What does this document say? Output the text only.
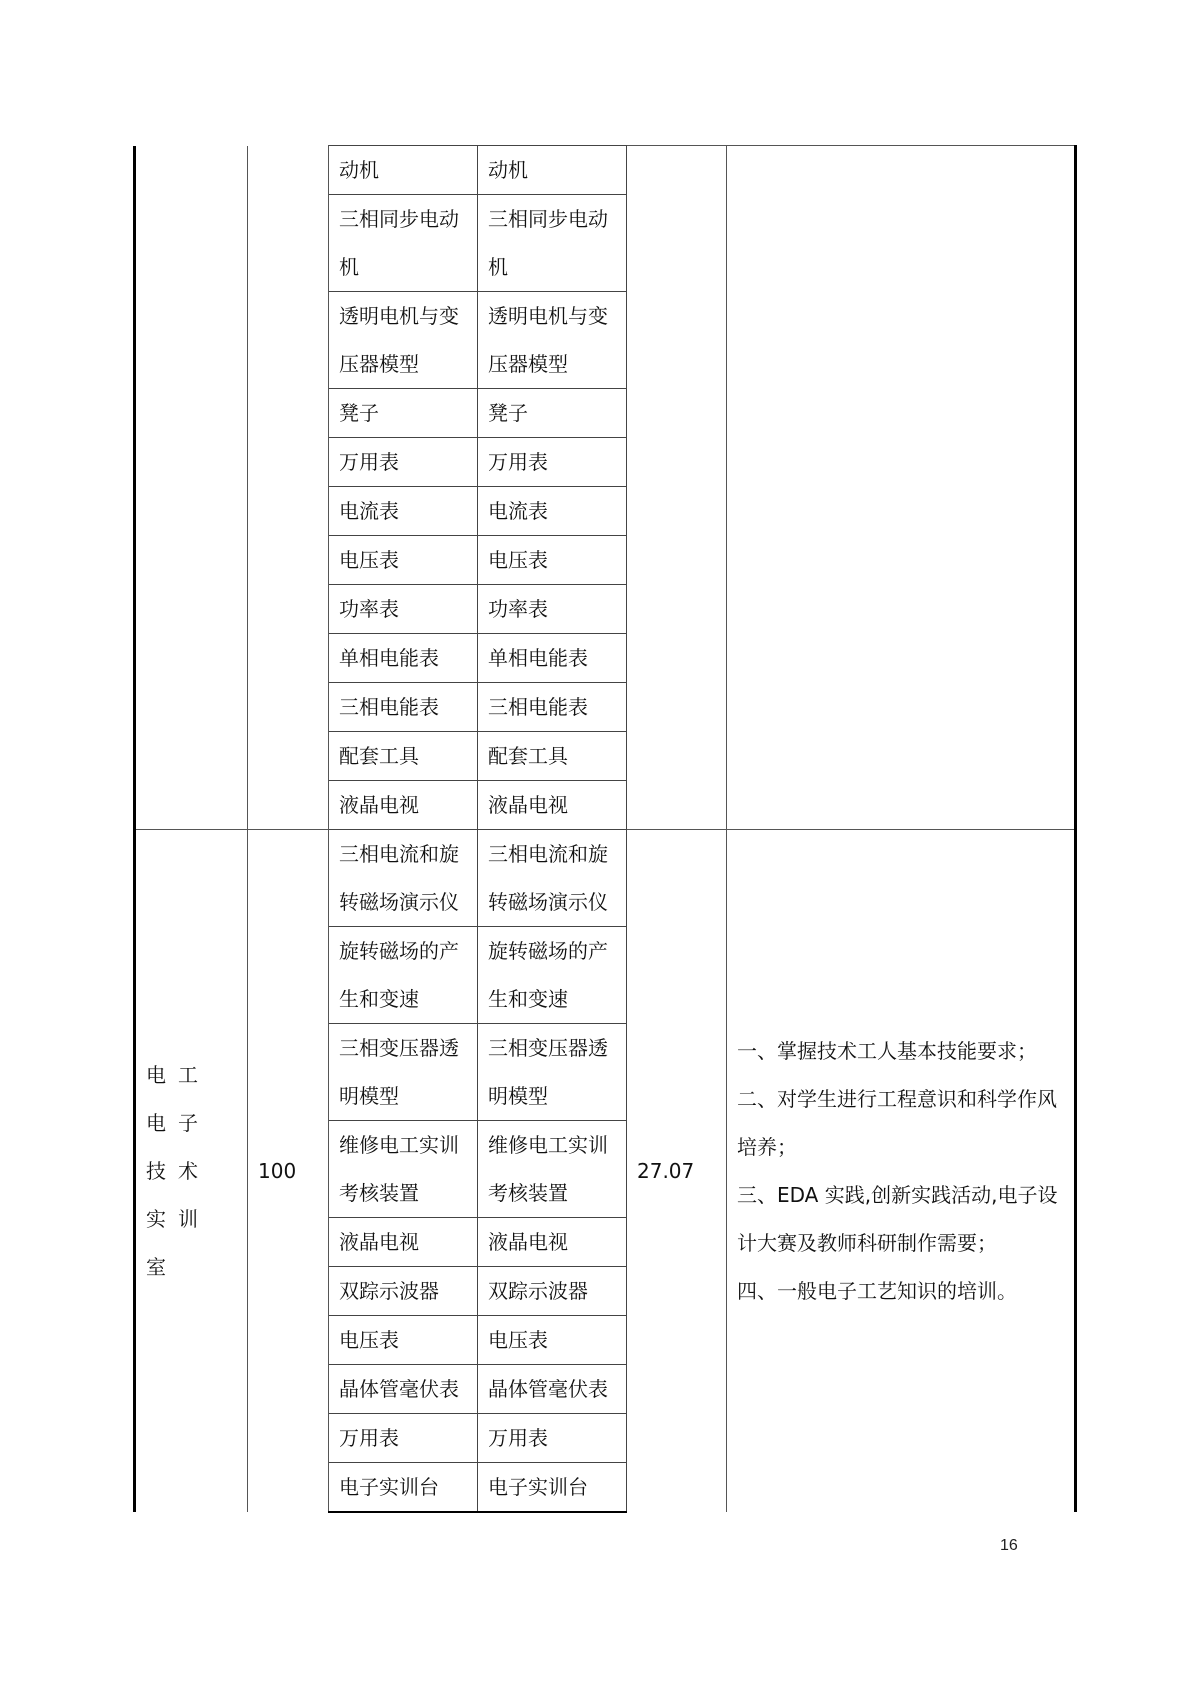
		动机	动机		
		三相同步电动机	三相同步电动机		
		透明电机与变压器模型	透明电机与变压器模型		
		凳子	凳子		
		万用表	万用表		
		电流表	电流表		
		电压表	电压表		
		功率表	功率表		
		单相电能表	单相电能表		
		三相电能表	三相电能表		
		配套工具	配套工具		
		液晶电视	液晶电视		
电工电子技术实训室	100	三相电流和旋转磁场演示仪	三相电流和旋转磁场演示仪	27.07	一、掌握技术工人基本技能要求；

二、对学生进行工程意识和科学作风培养；

三、EDA 实践,创新实践活动,电子设计大赛及教师科研制作需要；

四、一般电子工艺知识的培训。

		旋转磁场的产生和变速	旋转磁场的产生和变速		
		三相变压器透明模型	三相变压器透明模型		
		维修电工实训考核装置	维修电工实训考核装置		
		液晶电视	液晶电视		
		双踪示波器	双踪示波器		
		电压表	电压表		
		晶体管毫伏表	晶体管毫伏表		
		万用表	万用表		
		电子实训台	电子实训台		
16
